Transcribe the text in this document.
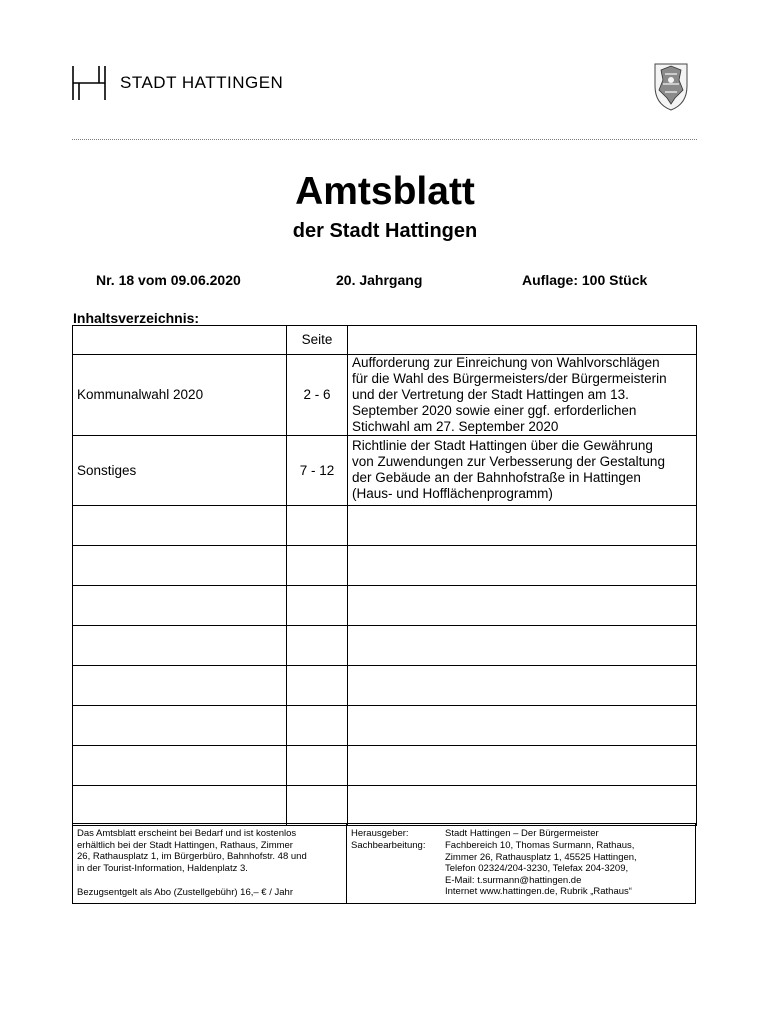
STADT HATTINGEN
Amtsblatt
der Stadt Hattingen
Nr. 18 vom 09.06.2020	20. Jahrgang	Auflage: 100 Stück
Inhaltsverzeichnis:
	Seite	
Kommunalwahl 2020	2 - 6	Aufforderung zur Einreichung von Wahlvorschlägen
für die Wahl des Bürgermeisters/der Bürgermeisterin
und der Vertretung der Stadt Hattingen am 13.
September 2020 sowie einer ggf. erforderlichen
Stichwahl am 27. September 2020

Sonstiges	7 - 12	Richtlinie der Stadt Hattingen über die Gewährung
von Zuwendungen zur Verbesserung der Gestaltung
der Gebäude an der Bahnhofstraße in Hattingen
(Haus- und Hofflächenprogramm)

Das Amtsblatt erscheint bei Bedarf und ist kostenlos
erhältlich bei der Stadt Hattingen, Rathaus, Zimmer
26, Rathausplatz 1, im Bürgerbüro, Bahnhofstr. 48 und
in der Tourist-Information, Haldenplatz 3.
Bezugsentgelt als Abo (Zustellgebühr) 16,– € / Jahr
Herausgeber:	Stadt Hattingen – Der Bürgermeister
Sachbearbeitung: Fachbereich 10, Thomas Surmann, Rathaus,
Zimmer 26, Rathausplatz 1, 45525 Hattingen,
Telefon 02324/204-3230, Telefax 204-3209,
E-Mail: t.surmann@hattingen.de
Internet www.hattingen.de, Rubrik „Rathaus“
